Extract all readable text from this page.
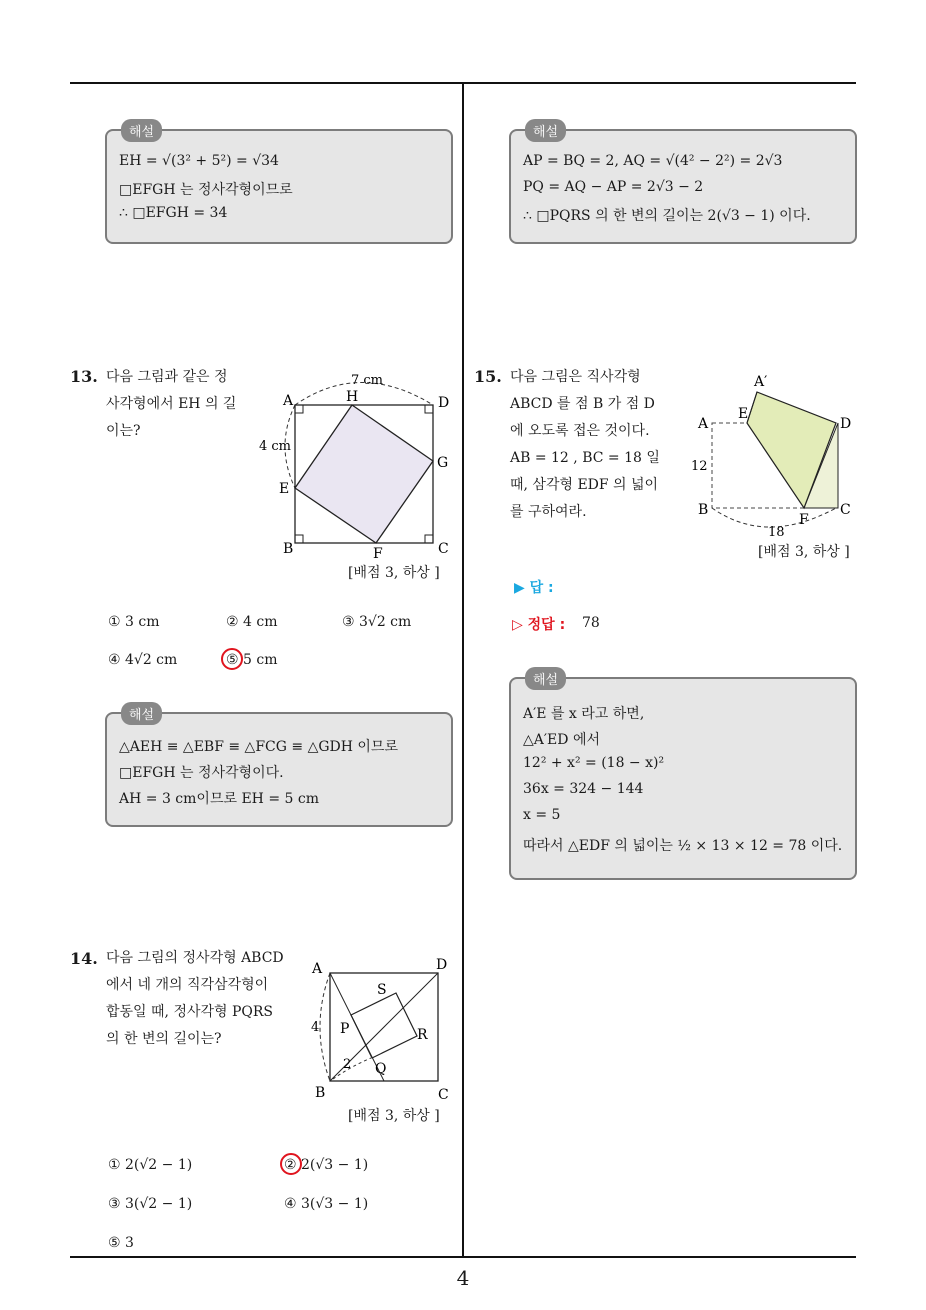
4
해설
EH = √(3² + 5²) = √34
□EFGH 는 정사각형이므로
∴ □EFGH = 34
해설
AP = BQ = 2, AQ = √(4² − 2²) = 2√3
PQ = AQ − AP = 2√3 − 2
∴ □PQRS 의 한 변의 길이는 2(√3 − 1) 이다.
13. 다음 그림과 같은 정
사각형에서 EH 의 길
이는?
7 cm
4 cm
A	H	D
G
C
F
B
E
[배점 3, 하상 ]
① 3 cm	② 4 cm	③ 3√2 cm
④ 4√2 cm	⑤ 5 cm
해설
△AEH ≡ △EBF ≡ △FCG ≡ △GDH 이므로
□EFGH 는 정사각형이다.
AH = 3 cm이므로 EH = 5 cm
14. 다음 그림의 정사각형 ABCD
에서 네 개의 직각삼각형이
합동일 때, 정사각형 PQRS
의 한 변의 길이는?
A	D
S
P	R
Q
B	C
4
2
[배점 3, 하상 ]
① 2(√2 − 1)	② 2(√3 − 1)
③ 3(√2 − 1)	④ 3(√3 − 1)
⑤ 3
15. 다음 그림은 직사각형
ABCD 를 점 B 가 점 D
에 오도록 접은 것이다.
AB = 12 , BC = 18 일
때, 삼각형 EDF 의 넓이
를 구하여라.
A′
A
E
D
B
F
C
12
18
[배점 3, 하상 ]
▶ 답 :
▷ 정답 : 78
해설
A′E 를 x 라고 하면,
△A′ED 에서
12² + x² = (18 − x)²
36x = 324 − 144
x = 5
따라서 △EDF 의 넓이는 ½ × 13 × 12 = 78 이다.
